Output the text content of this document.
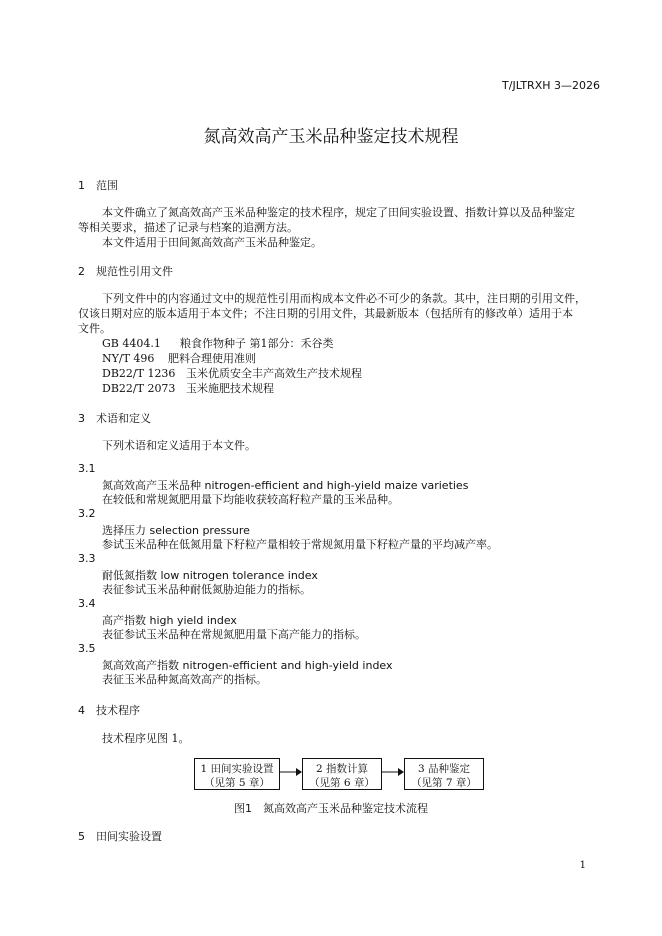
T/JLTRXH 3—2026
氮高效高产玉米品种鉴定技术规程
1 范围
本文件确立了氮高效高产玉米品种鉴定的技术程序，规定了田间实验设置、指数计算以及品种鉴定
等相关要求，描述了记录与档案的追溯方法。
本文件适用于田间氮高效高产玉米品种鉴定。
2 规范性引用文件
下列文件中的内容通过文中的规范性引用而构成本文件必不可少的条款。其中，注日期的引用文件，
仅该日期对应的版本适用于本文件；不注日期的引用文件，其最新版本（包括所有的修改单）适用于本
文件。
GB 4404.1 粮食作物种子 第1部分：禾谷类
NY/T 496 肥料合理使用准则
DB22/T 1236 玉米优质安全丰产高效生产技术规程
DB22/T 2073 玉米施肥技术规程
3 术语和定义
下列术语和定义适用于本文件。
3.1
氮高效高产玉米品种 nitrogen-efficient and high-yield maize varieties
在较低和常规氮肥用量下均能收获较高籽粒产量的玉米品种。
3.2
选择压力 selection pressure
参试玉米品种在低氮用量下籽粒产量相较于常规氮用量下籽粒产量的平均减产率。
3.3
耐低氮指数 low nitrogen tolerance index
表征参试玉米品种耐低氮胁迫能力的指标。
3.4
高产指数 high yield index
表征参试玉米品种在常规氮肥用量下高产能力的指标。
3.5
氮高效高产指数 nitrogen-efficient and high-yield index
表征玉米品种氮高效高产的指标。
4 技术程序
技术程序见图 1。
1 田间实验设置
（见第 5 章）
2 指数计算
（见第 6 章）
3 品种鉴定
（见第 7 章）
图1　氮高效高产玉米品种鉴定技术流程
5 田间实验设置
1
